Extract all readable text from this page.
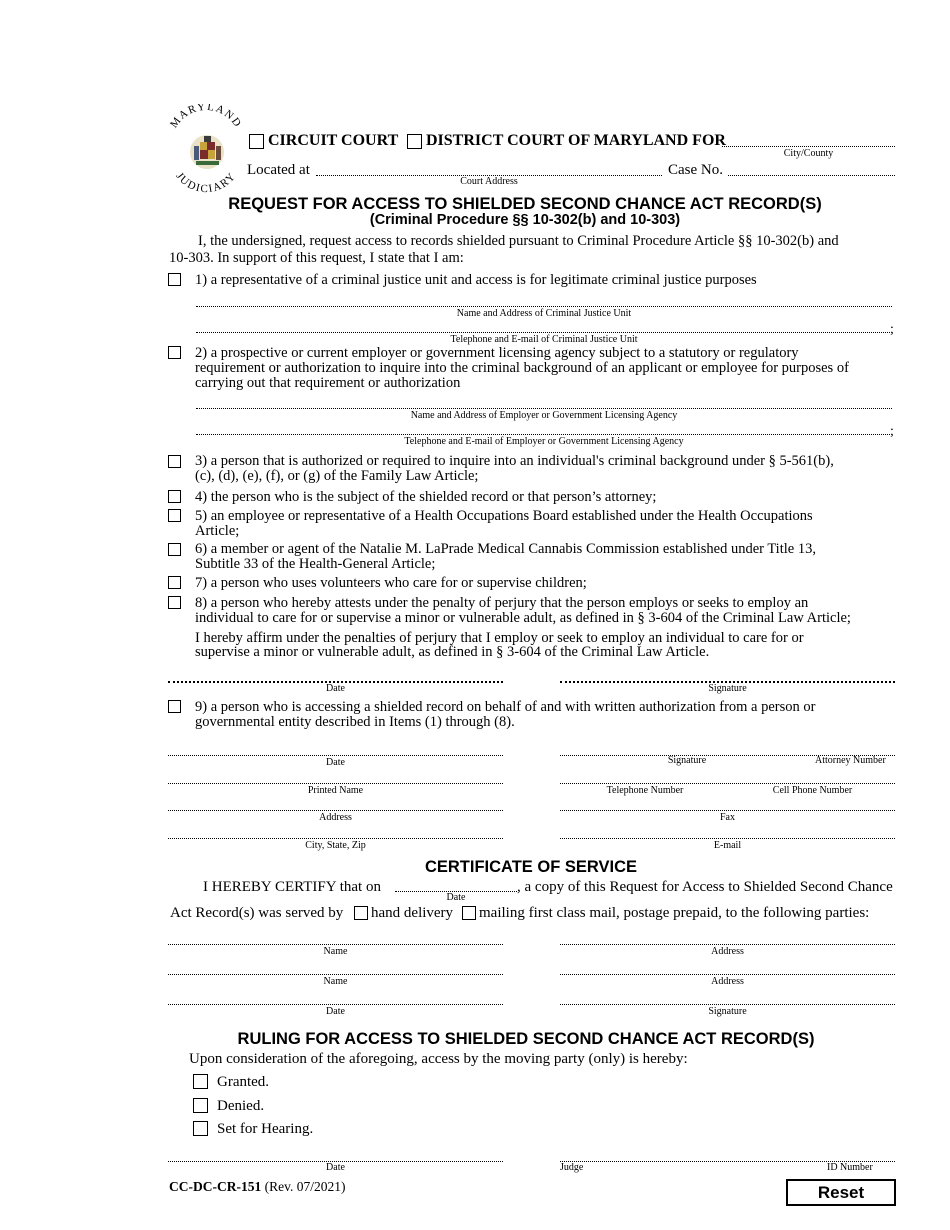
MARYLAND
JUDICIARY
CIRCUIT COURT DISTRICT COURT OF MARYLAND FOR
City/County
Located at
Court Address
Case No.
REQUEST FOR ACCESS TO SHIELDED SECOND CHANCE ACT RECORD(S)
(Criminal Procedure §§ 10-302(b) and 10-303)
I, the undersigned, request access to records shielded pursuant to Criminal Procedure Article §§ 10-302(b) and
10-303. In support of this request, I state that I am:
1) a representative of a criminal justice unit and access is for legitimate criminal justice purposes
Name and Address of Criminal Justice Unit
;
Telephone and E-mail of Criminal Justice Unit
2) a prospective or current employer or government licensing agency subject to a statutory or regulatory
requirement or authorization to inquire into the criminal background of an applicant or employee for purposes of
carrying out that requirement or authorization
Name and Address of Employer or Government Licensing Agency
;
Telephone and E-mail of Employer or Government Licensing Agency
3) a person that is authorized or required to inquire into an individual's criminal background under § 5-561(b),
(c), (d), (e), (f), or (g) of the Family Law Article;
4) the person who is the subject of the shielded record or that person’s attorney;
5) an employee or representative of a Health Occupations Board established under the Health Occupations
Article;
6) a member or agent of the Natalie M. LaPrade Medical Cannabis Commission established under Title 13,
Subtitle 33 of the Health-General Article;
7) a person who uses volunteers who care for or supervise children;
8) a person who hereby attests under the penalty of perjury that the person employs or seeks to employ an
individual to care for or supervise a minor or vulnerable adult, as defined in § 3-604 of the Criminal Law Article;
I hereby affirm under the penalties of perjury that I employ or seek to employ an individual to care for or
supervise a minor or vulnerable adult, as defined in § 3-604 of the Criminal Law Article.
Date	Signature
9) a person who is accessing a shielded record on behalf of and with written authorization from a person or
governmental entity described in Items (1) through (8).
Date	Signature	Attorney Number
Printed Name	Telephone Number	Cell Phone Number
Address	Fax
City, State, Zip	E-mail
CERTIFICATE OF SERVICE
I HEREBY CERTIFY that on
Date
, a copy of this Request for Access to Shielded Second Chance
Act Record(s) was served by hand delivery mailing first class mail, postage prepaid, to the following parties:
Name	Address
Name	Address
Date	Signature
RULING FOR ACCESS TO SHIELDED SECOND CHANCE ACT RECORD(S)
Upon consideration of the aforegoing, access by the moving party (only) is hereby:
Granted.
Denied.
Set for Hearing.
Date	Judge	ID Number
CC-DC-CR-151 (Rev. 07/2021)	Reset
